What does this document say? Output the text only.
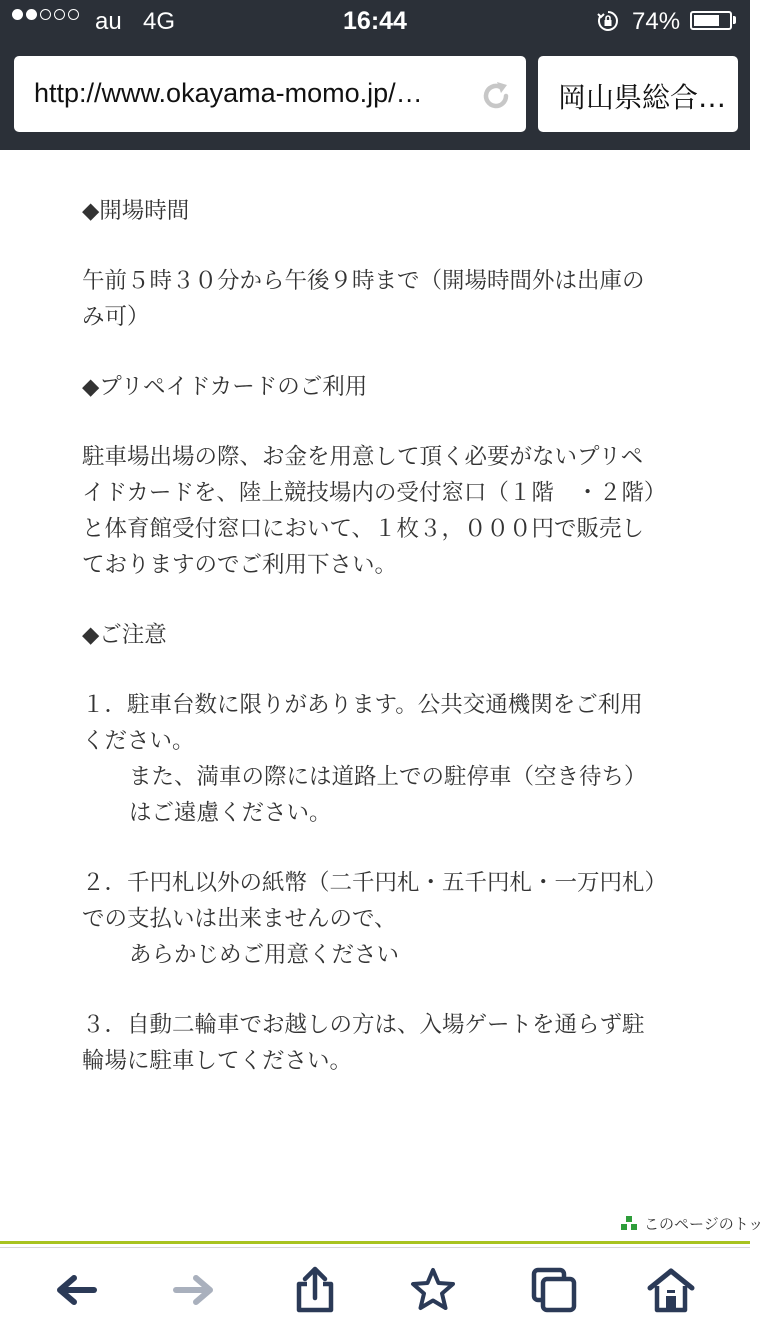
au 4G	16:44	74%
http://www.okayama-momo.jp/…	岡山県総合…

◆開場時間

午前５時３０分から午後９時まで（開場時間外は出庫のみ可）

◆プリペイドカードのご利用

駐車場出場の際、お金を用意して頂く必要がないプリペイドカードを、陸上競技場内の受付窓口（１階　・２階）と体育館受付窓口において、１枚３，０００円で販売しておりますのでご利用下さい。

◆ご注意

１．駐車台数に限りがあります。公共交通機関をご利用ください。

また、満車の際には道路上での駐停車（空き待ち）はご遠慮ください。

２．千円札以外の紙幣（二千円札・五千円札・一万円札）での支払いは出来ませんので、

あらかじめご用意ください

３．自動二輪車でお越しの方は、入場ゲートを通らず駐輪場に駐車してください。

このページのトッ
